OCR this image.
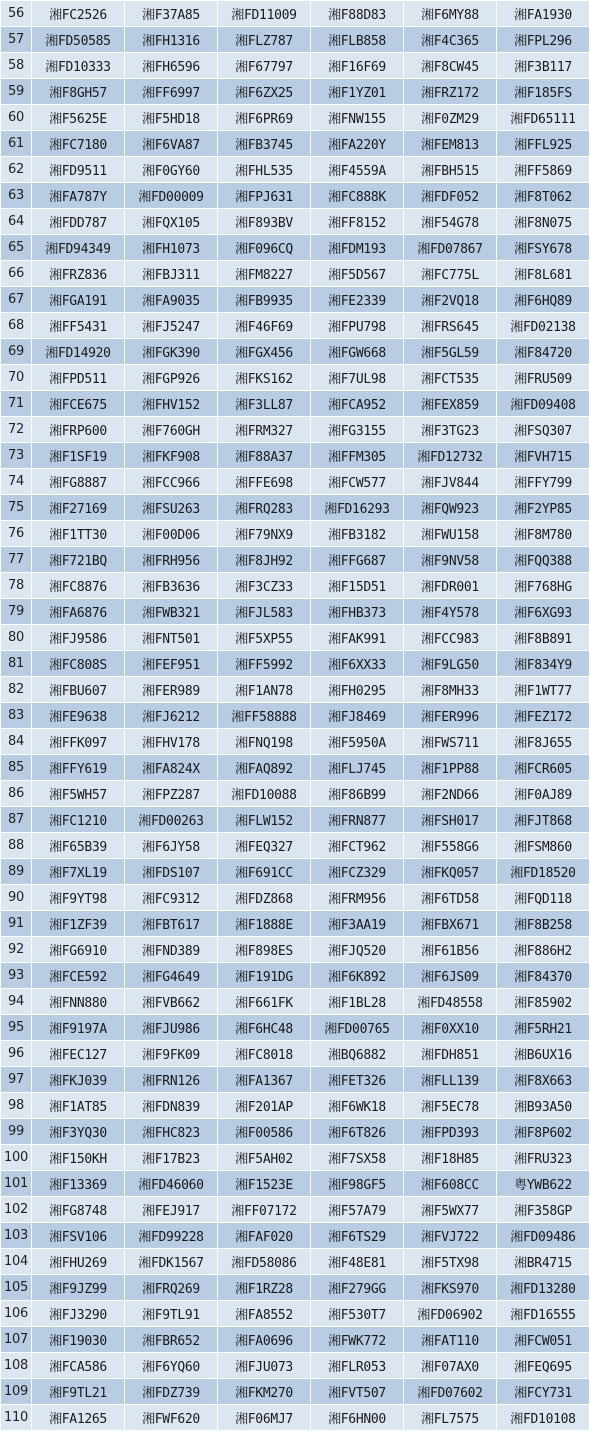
56	湘FC2526	湘F37A85	湘FD11009	湘F88D83	湘F6MY88	湘FA1930
57	湘FD50585	湘FH1316	湘FLZ787	湘FLB858	湘F4C365	湘FPL296
58	湘FD10333	湘FH6596	湘F67797	湘F16F69	湘F8CW45	湘F3B117
59	湘F8GH57	湘FF6997	湘F6ZX25	湘F1YZ01	湘FRZ172	湘F185FS
60	湘F5625E	湘F5HD18	湘F6PR69	湘FNW155	湘F0ZM29	湘FD65111
61	湘FC7180	湘F6VA87	湘FB3745	湘FA220Y	湘FEM813	湘FFL925
62	湘FD9511	湘F0GY60	湘FHL535	湘F4559A	湘FBH515	湘FF5869
63	湘FA787Y	湘FD00009	湘FPJ631	湘FC888K	湘FDF052	湘F8T062
64	湘FDD787	湘FQX105	湘F893BV	湘FF8152	湘F54G78	湘F8N075
65	湘FD94349	湘FH1073	湘F096CQ	湘FDM193	湘FD07867	湘FSY678
66	湘FRZ836	湘FBJ311	湘FM8227	湘F5D567	湘FC775L	湘F8L681
67	湘FGA191	湘FA9035	湘FB9935	湘FE2339	湘F2VQ18	湘F6HQ89
68	湘FF5431	湘FJ5247	湘F46F69	湘FPU798	湘FRS645	湘FD02138
69	湘FD14920	湘FGK390	湘FGX456	湘FGW668	湘F5GL59	湘F84720
70	湘FPD511	湘FGP926	湘FKS162	湘F7UL98	湘FCT535	湘FRU509
71	湘FCE675	湘FHV152	湘F3LL87	湘FCA952	湘FEX859	湘FD09408
72	湘FRP600	湘F760GH	湘FRM327	湘FG3155	湘F3TG23	湘FSQ307
73	湘F1SF19	湘FKF908	湘F88A37	湘FFM305	湘FD12732	湘FVH715
74	湘FG8887	湘FCC966	湘FFE698	湘FCW577	湘FJV844	湘FFY799
75	湘F27169	湘FSU263	湘FRQ283	湘FD16293	湘FQW923	湘F2YP85
76	湘F1TT30	湘F00D06	湘F79NX9	湘FB3182	湘FWU158	湘F8M780
77	湘F721BQ	湘FRH956	湘F8JH92	湘FFG687	湘F9NV58	湘FQQ388
78	湘FC8876	湘FB3636	湘F3CZ33	湘F15D51	湘FDR001	湘F768HG
79	湘FA6876	湘FWB321	湘FJL583	湘FHB373	湘F4Y578	湘F6XG93
80	湘FJ9586	湘FNT501	湘F5XP55	湘FAK991	湘FCC983	湘F8B891
81	湘FC808S	湘FEF951	湘FF5992	湘F6XX33	湘F9LG50	湘F834Y9
82	湘FBU607	湘FER989	湘F1AN78	湘FH0295	湘F8MH33	湘F1WT77
83	湘FE9638	湘FJ6212	湘FF58888	湘FJ8469	湘FER996	湘FEZ172
84	湘FFK097	湘FHV178	湘FNQ198	湘F5950A	湘FWS711	湘F8J655
85	湘FFY619	湘FA824X	湘FAQ892	湘FLJ745	湘F1PP88	湘FCR605
86	湘F5WH57	湘FPZ287	湘FD10088	湘F86B99	湘F2ND66	湘F0AJ89
87	湘FC1210	湘FD00263	湘FLW152	湘FRN877	湘FSH017	湘FJT868
88	湘F65B39	湘F6JY58	湘FEQ327	湘FCT962	湘F558G6	湘FSM860
89	湘F7XL19	湘FDS107	湘F691CC	湘FCZ329	湘FKQ057	湘FD18520
90	湘F9YT98	湘FC9312	湘FDZ868	湘FRM956	湘F6TD58	湘FQD118
91	湘F1ZF39	湘FBT617	湘F1888E	湘F3AA19	湘FBX671	湘F8B258
92	湘FG6910	湘FND389	湘F898ES	湘FJQ520	湘F61B56	湘F886H2
93	湘FCE592	湘FG4649	湘F191DG	湘F6K892	湘F6JS09	湘F84370
94	湘FNN880	湘FVB662	湘F661FK	湘F1BL28	湘FD48558	湘F85902
95	湘F9197A	湘FJU986	湘F6HC48	湘FD00765	湘F0XX10	湘F5RH21
96	湘FEC127	湘F9FK09	湘FC8018	湘BQ6882	湘FDH851	湘B6UX16
97	湘FKJ039	湘FRN126	湘FA1367	湘FET326	湘FLL139	湘F8X663
98	湘F1AT85	湘FDN839	湘F201AP	湘F6WK18	湘F5EC78	湘B93A50
99	湘F3YQ30	湘FHC823	湘F00586	湘F6T826	湘FPD393	湘F8P602
100	湘F150KH	湘F17B23	湘F5AH02	湘F7SX58	湘F18H85	湘FRU323
101	湘F13369	湘FD46060	湘F1523E	湘F98GF5	湘F608CC	粤YWB622
102	湘FG8748	湘FEJ917	湘FF07172	湘F57A79	湘F5WX77	湘F358GP
103	湘FSV106	湘FD99228	湘FAF020	湘F6TS29	湘FVJ722	湘FD09486
104	湘FHU269	湘FDK1567	湘FD58086	湘F48E81	湘F5TX98	湘BR4715
105	湘F9JZ99	湘FRQ269	湘F1RZ28	湘F279GG	湘FKS970	湘FD13280
106	湘FJ3290	湘F9TL91	湘FA8552	湘F530T7	湘FD06902	湘FD16555
107	湘F19030	湘FBR652	湘FA0696	湘FWK772	湘FAT110	湘FCW051
108	湘FCA586	湘F6YQ60	湘FJU073	湘FLR053	湘F07AX0	湘FEQ695
109	湘F9TL21	湘FDZ739	湘FKM270	湘FVT507	湘FD07602	湘FCY731
110	湘FA1265	湘FWF620	湘F06MJ7	湘F6HN00	湘FL7575	湘FD10108
